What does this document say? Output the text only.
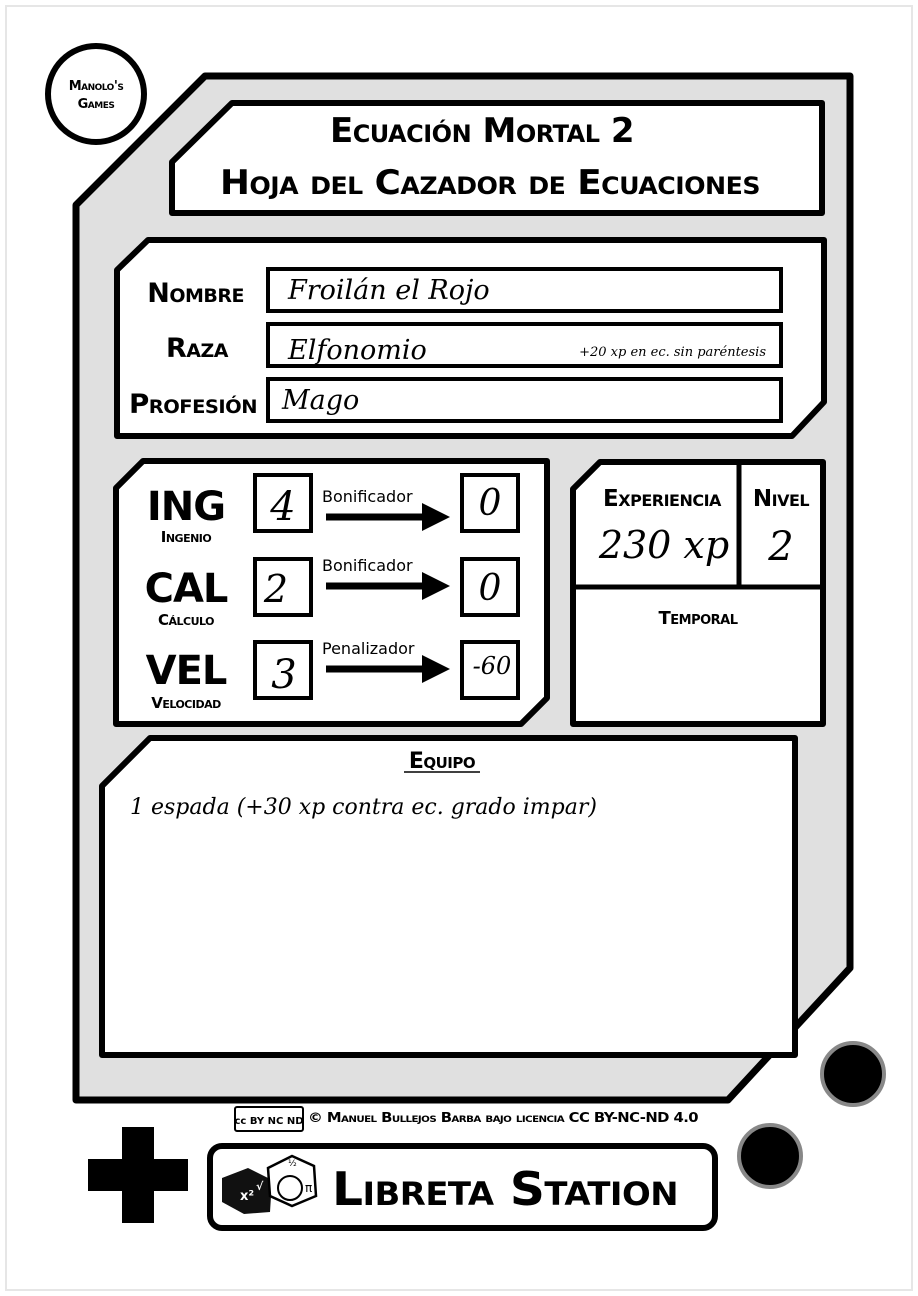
Manolo's
Games
Ecuación Mortal 2
Hoja del Cazador de Ecuaciones
Nombre Froilán el Rojo
Raza Elfonomio	+20 xp en ec. sin paréntesis
Profesión Mago
ING
Ingenio
CAL
Cálculo
VEL
Velocidad
4
2
3
Bonificador
Bonificador
Penalizador
0
0
-60
Experiencia
230 xp
Nivel
2
Temporal
Equipo
1 espada (+30 xp contra ec. grado impar)
cc BY NC ND © Manuel Bullejos Barba bajo licencia CC BY-NC-ND 4.0
Libreta Station
x²
√
½
π
